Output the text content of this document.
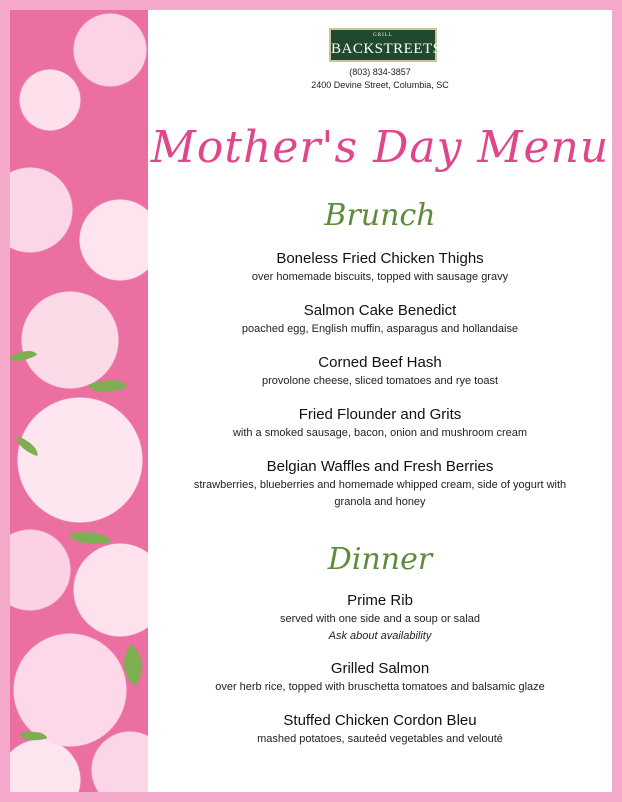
GRILL
BACKSTREETS
(803) 834-3857
2400 Devine Street, Columbia, SC
Mother's Day Menu
Brunch
Boneless Fried Chicken Thighs
over homemade biscuits, topped with sausage gravy
Salmon Cake Benedict
poached egg, English muffin, asparagus and hollandaise
Corned Beef Hash
provolone cheese, sliced tomatoes and rye toast
Fried Flounder and Grits
with a smoked sausage, bacon, onion and mushroom cream
Belgian Waffles and Fresh Berries
strawberries, blueberries and homemade whipped cream, side of yogurt with granola and honey
Dinner
Prime Rib
served with one side and a soup or salad
Ask about availability
Grilled Salmon
over herb rice, topped with bruschetta tomatoes and balsamic glaze
Stuffed Chicken Cordon Bleu
mashed potatoes, sauteéd vegetables and velouté
